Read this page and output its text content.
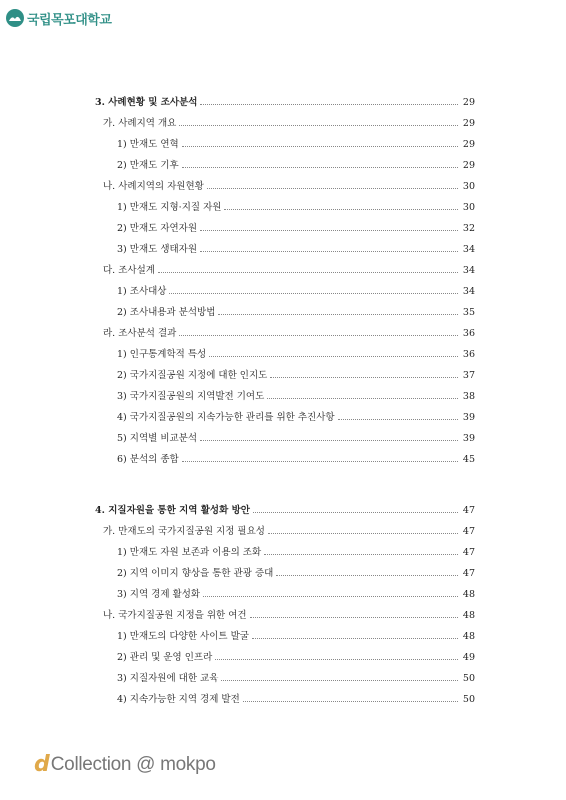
국립목포대학교
3. 사례현황 및 조사분석	29
가. 사례지역 개요	29
1) 만재도 연혁	29
2) 만재도 기후	29
나. 사례지역의 자원현황	30
1) 만재도 지형·지질 자원	30
2) 만재도 자연자원	32
3) 만재도 생태자원	34
다. 조사설계	34
1) 조사대상	34
2) 조사내용과 분석방법	35
라. 조사분석 결과	36
1) 인구통계학적 특성	36
2) 국가지질공원 지정에 대한 인지도	37
3) 국가지질공원의 지역발전 기여도	38
4) 국가지질공원의 지속가능한 관리를 위한 추진사항	39
5) 지역별 비교분석	39
6) 분석의 종합	45
4. 지질자원을 통한 지역 활성화 방안	47
가. 만재도의 국가지질공원 지정 필요성	47
1) 만재도 자원 보존과 이용의 조화	47
2) 지역 이미지 향상을 통한 관광 증대	47
3) 지역 경제 활성화	48
나. 국가지질공원 지정을 위한 여건	48
1) 만재도의 다양한 사이트 발굴	48
2) 관리 및 운영 인프라	49
3) 지질자원에 대한 교육	50
4) 지속가능한 지역 경제 발전	50
d Collection @ mokpo
